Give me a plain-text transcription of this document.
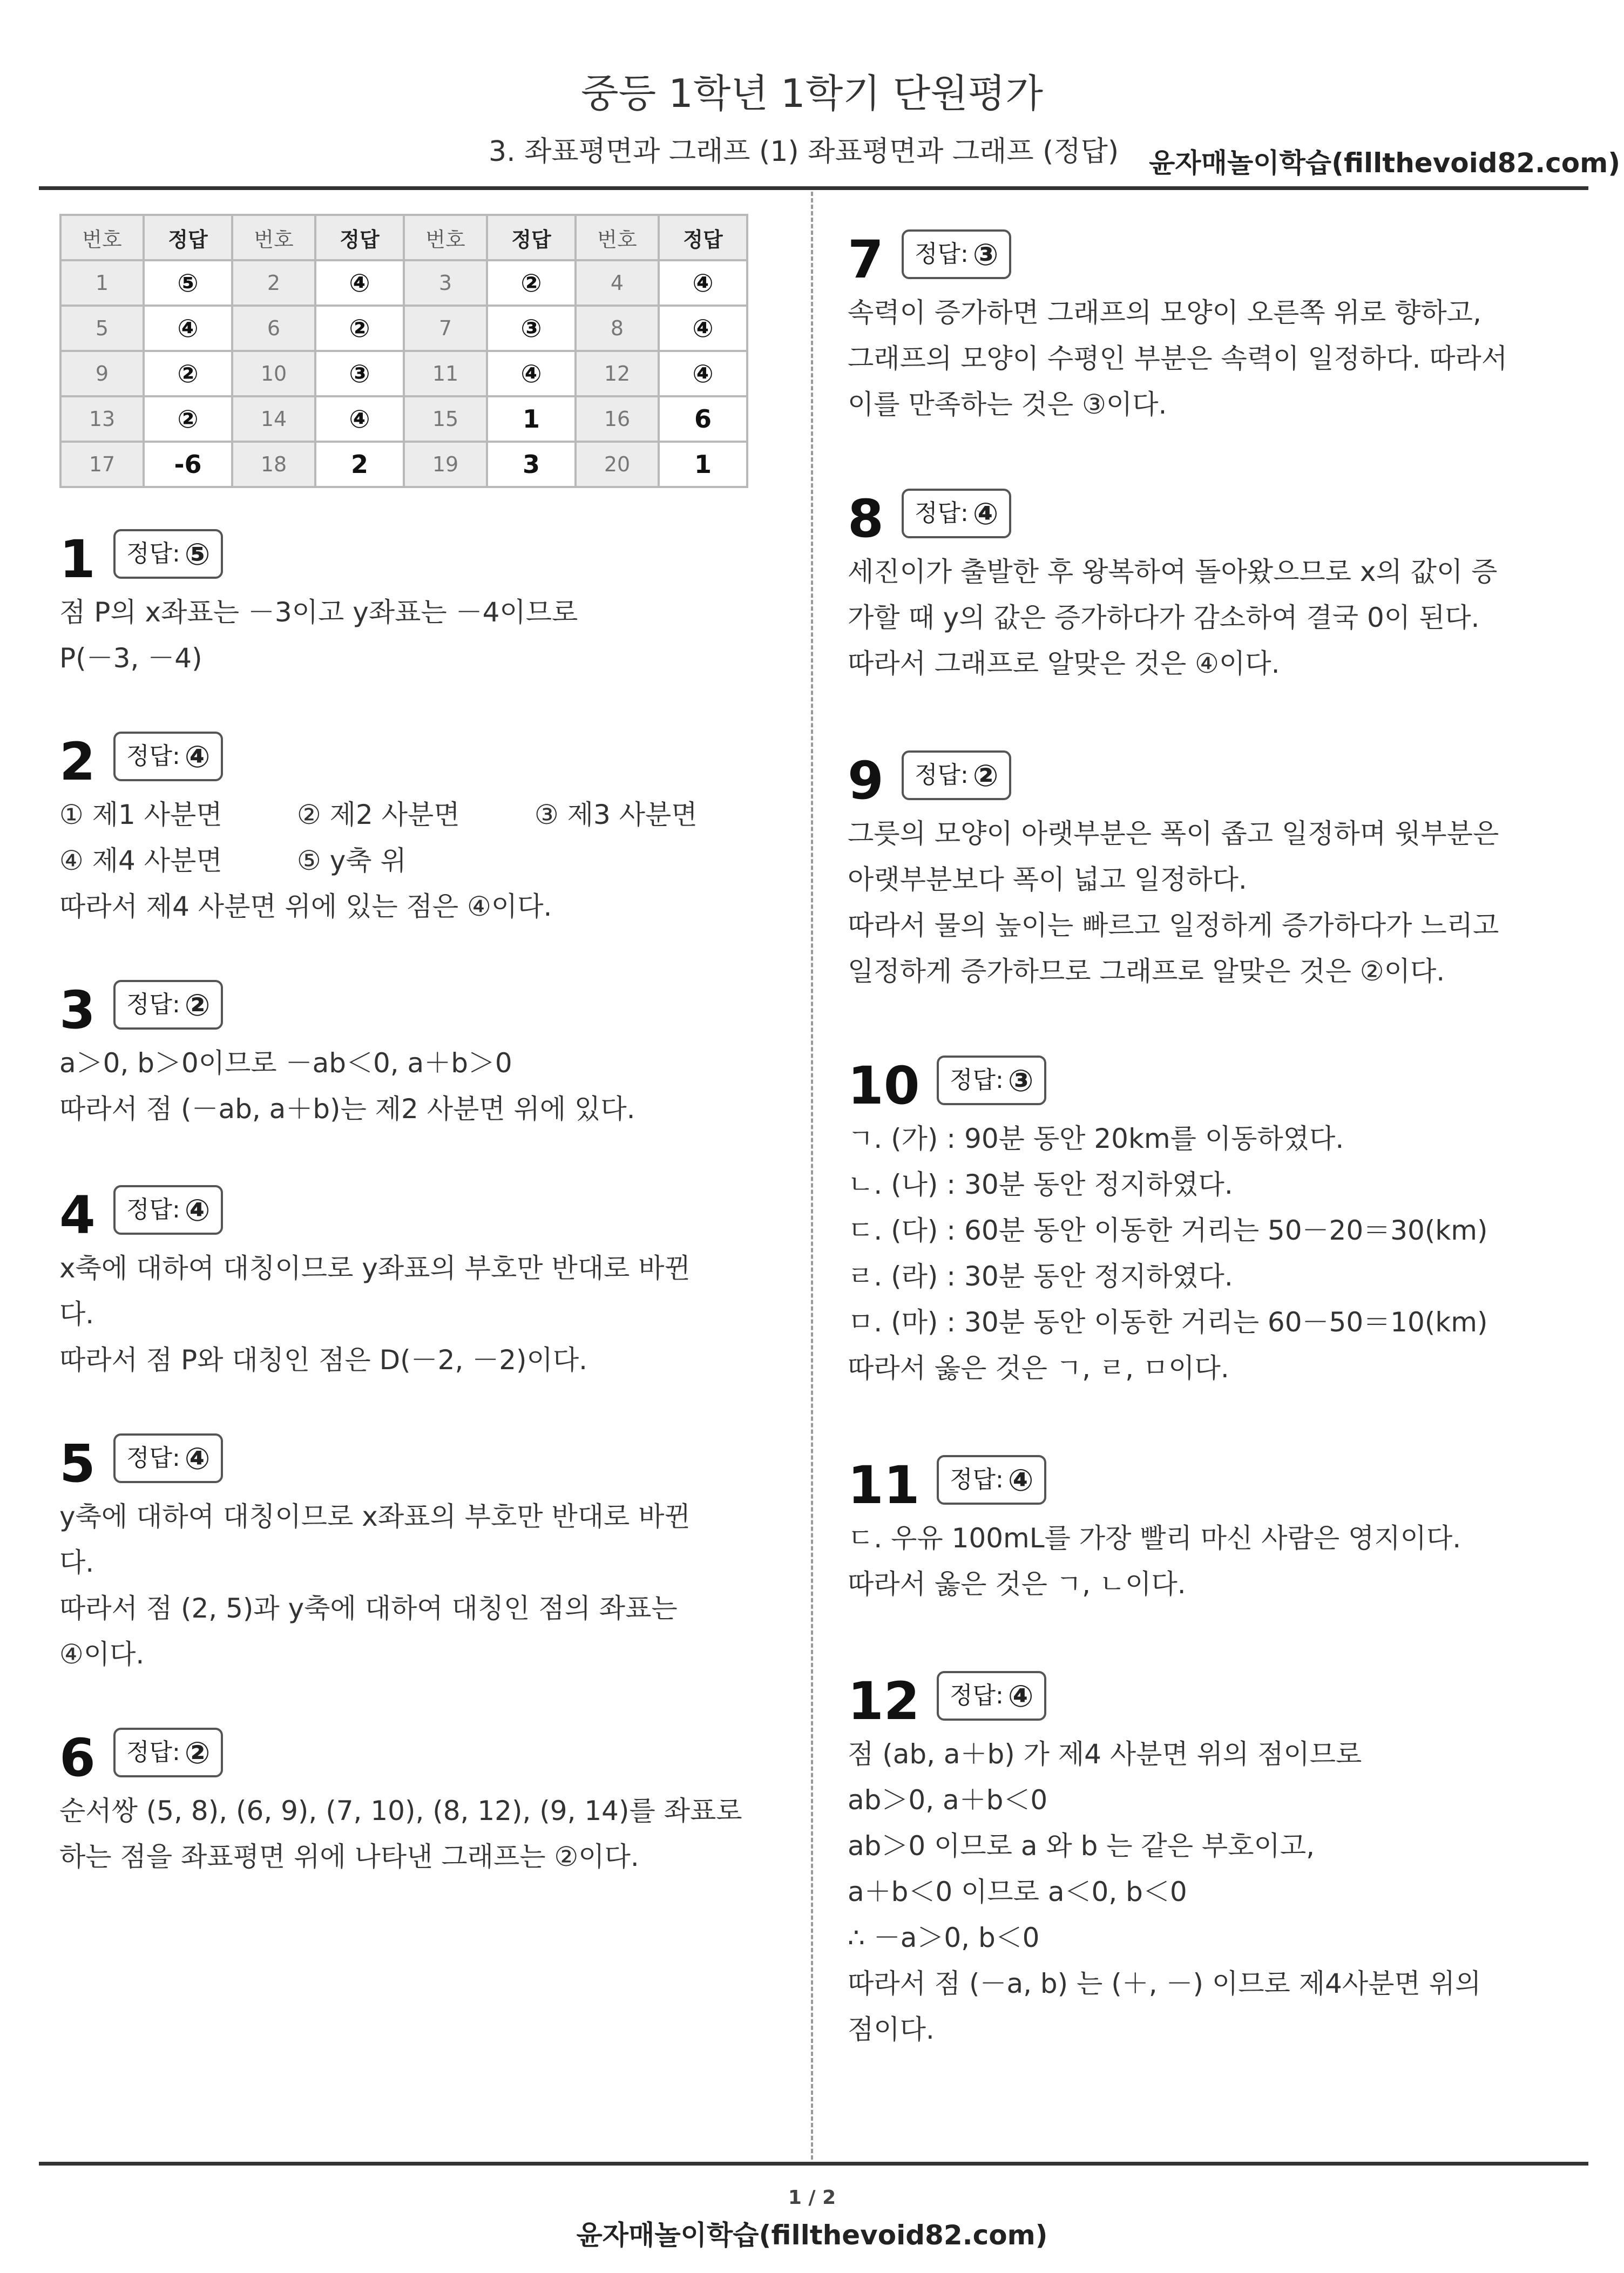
중등 1학년 1학기 단원평가
3. 좌표평면과 그래프 (1) 좌표평면과 그래프 (정답) 윤자매놀이학습(fillthevoid82.com)
번호	정답	번호	정답	번호	정답	번호	정답
1	⑤	2	④	3	②	4	④
5	④	6	②	7	③	8	④
9	②	10	③	11	④	12	④
13	②	14	④	15	1	16	6
17	-6	18	2	19	3	20	1
1	정답: ⑤
점 P의 x좌표는 －3이고 y좌표는 －4이므로
P(－3, －4)
2	정답: ④
① 제1 사분면	② 제2 사분면	③ 제3 사분면
④ 제4 사분면	⑤ y축 위
따라서 제4 사분면 위에 있는 점은 ④이다.
3	정답: ②
a＞0, b＞0이므로 －ab＜0, a＋b＞0
따라서 점 (－ab, a＋b)는 제2 사분면 위에 있다.
4	정답: ④
x축에 대하여 대칭이므로 y좌표의 부호만 반대로 바뀐
다.
따라서 점 P와 대칭인 점은 D(－2, －2)이다.
5	정답: ④
y축에 대하여 대칭이므로 x좌표의 부호만 반대로 바뀐
다.
따라서 점 (2, 5)과 y축에 대하여 대칭인 점의 좌표는
④이다.
6	정답: ②
순서쌍 (5, 8), (6, 9), (7, 10), (8, 12), (9, 14)를 좌표로
하는 점을 좌표평면 위에 나타낸 그래프는 ②이다.
7	정답: ③
속력이 증가하면 그래프의 모양이 오른쪽 위로 향하고,
그래프의 모양이 수평인 부분은 속력이 일정하다. 따라서
이를 만족하는 것은 ③이다.
8	정답: ④
세진이가 출발한 후 왕복하여 돌아왔으므로 x의 값이 증
가할 때 y의 값은 증가하다가 감소하여 결국 0이 된다.
따라서 그래프로 알맞은 것은 ④이다.
9	정답: ②
그릇의 모양이 아랫부분은 폭이 좁고 일정하며 윗부분은
아랫부분보다 폭이 넓고 일정하다.
따라서 물의 높이는 빠르고 일정하게 증가하다가 느리고
일정하게 증가하므로 그래프로 알맞은 것은 ②이다.
10	정답: ③
ㄱ. (가) : 90분 동안 20km를 이동하였다.
ㄴ. (나) : 30분 동안 정지하였다.
ㄷ. (다) : 60분 동안 이동한 거리는 50－20＝30(km)
ㄹ. (라) : 30분 동안 정지하였다.
ㅁ. (마) : 30분 동안 이동한 거리는 60－50＝10(km)
따라서 옳은 것은 ㄱ, ㄹ, ㅁ이다.
11	정답: ④
ㄷ. 우유 100mL를 가장 빨리 마신 사람은 영지이다.
따라서 옳은 것은 ㄱ, ㄴ이다.
12	정답: ④
점 (ab, a＋b) 가 제4 사분면 위의 점이므로
ab＞0, a＋b＜0
ab＞0 이므로 a 와 b 는 같은 부호이고,
a＋b＜0 이므로 a＜0, b＜0
∴ －a＞0, b＜0
따라서 점 (－a, b) 는 (＋, －) 이므로 제4사분면 위의
점이다.
1 / 2
윤자매놀이학습(fillthevoid82.com)
